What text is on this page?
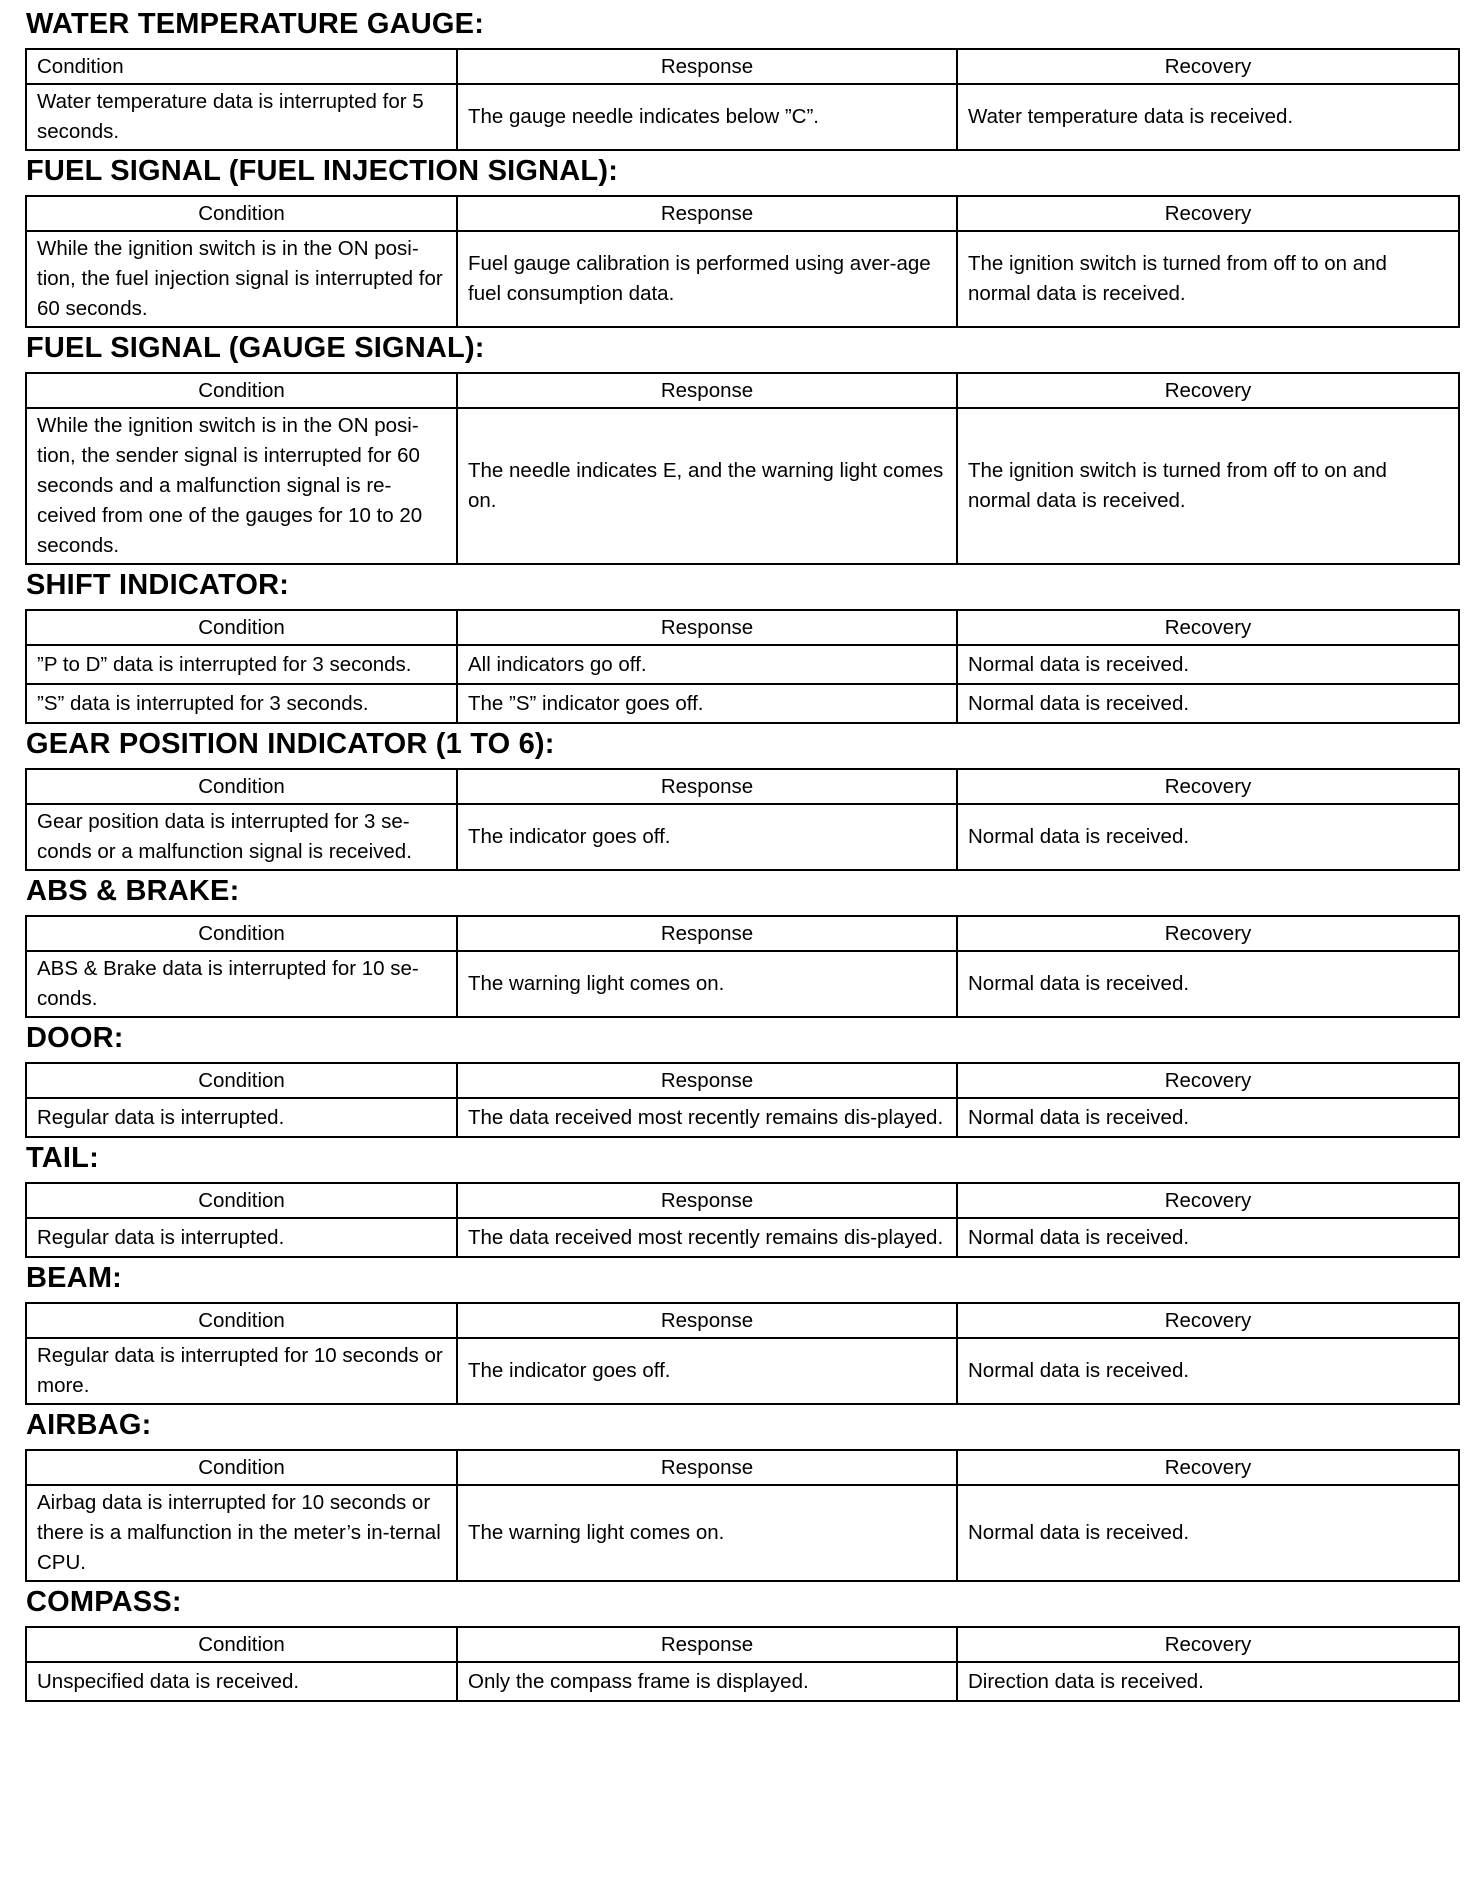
WATER TEMPERATURE GAUGE:
Condition	Response	Recovery
Water temperature data is interrupted for 5 seconds.	The gauge needle indicates below ”C”.	Water temperature data is received.
FUEL SIGNAL (FUEL INJECTION SIGNAL):
Condition	Response	Recovery
While the ignition switch is in the ON posi-tion, the fuel injection signal is interrupted for 60 seconds.	Fuel gauge calibration is performed using aver-age fuel consumption data.	The ignition switch is turned from off to on and normal data is received.
FUEL SIGNAL (GAUGE SIGNAL):
Condition	Response	Recovery
While the ignition switch is in the ON posi-tion, the sender signal is interrupted for 60 seconds and a malfunction signal is re-ceived from one of the gauges for 10 to 20 seconds.	The needle indicates E, and the warning light comes on.	The ignition switch is turned from off to on and normal data is received.
SHIFT INDICATOR:
Condition	Response	Recovery
”P to D” data is interrupted for 3 seconds.	All indicators go off.	Normal data is received.
”S” data is interrupted for 3 seconds.	The ”S” indicator goes off.	Normal data is received.
GEAR POSITION INDICATOR (1 TO 6):
Condition	Response	Recovery
Gear position data is interrupted for 3 se-conds or a malfunction signal is received.	The indicator goes off.	Normal data is received.
ABS & BRAKE:
Condition	Response	Recovery
ABS & Brake data is interrupted for 10 se-conds.	The warning light comes on.	Normal data is received.
DOOR:
Condition	Response	Recovery
Regular data is interrupted.	The data received most recently remains dis-played.	Normal data is received.
TAIL:
Condition	Response	Recovery
Regular data is interrupted.	The data received most recently remains dis-played.	Normal data is received.
BEAM:
Condition	Response	Recovery
Regular data is interrupted for 10 seconds or more.	The indicator goes off.	Normal data is received.
AIRBAG:
Condition	Response	Recovery
Airbag data is interrupted for 10 seconds or there is a malfunction in the meter’s in-ternal CPU.	The warning light comes on.	Normal data is received.
COMPASS:
Condition	Response	Recovery
Unspecified data is received.	Only the compass frame is displayed.	Direction data is received.
